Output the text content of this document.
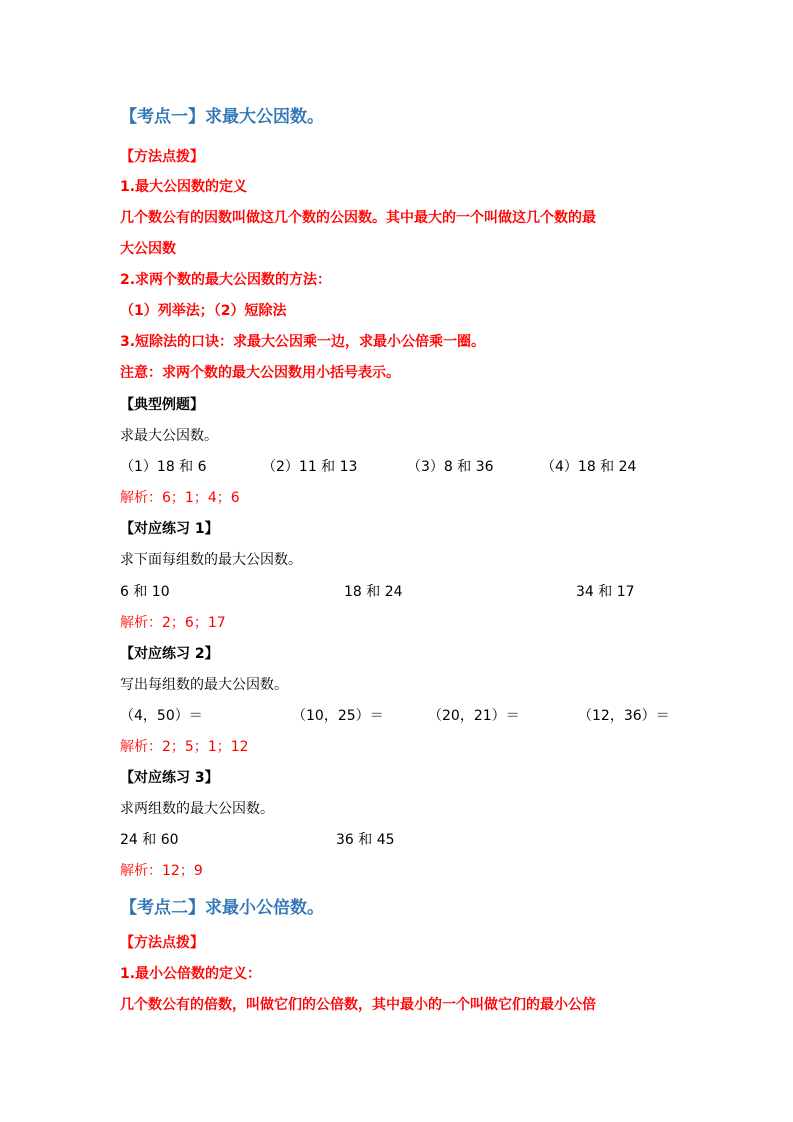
【考点一】求最大公因数。
【方法点拨】
1.最大公因数的定义
几个数公有的因数叫做这几个数的公因数。其中最大的一个叫做这几个数的最
大公因数
2.求两个数的最大公因数的方法：
（1）列举法；（2）短除法
3.短除法的口诀：求最大公因乘一边，求最小公倍乘一圈。
注意：求两个数的最大公因数用小括号表示。
【典型例题】
求最大公因数。
（1）18 和 6	（2）11 和 13	（3）8 和 36	（4）18 和 24
解析：6；1；4；6
【对应练习 1】
求下面每组数的最大公因数。
6 和 10	18 和 24	34 和 17
解析：2；6；17
【对应练习 2】
写出每组数的最大公因数。
（4，50）＝	（10，25）＝	（20，21）＝	（12，36）＝
解析：2；5；1；12
【对应练习 3】
求两组数的最大公因数。
24 和 60	36 和 45
解析：12；9
【考点二】求最小公倍数。
【方法点拨】
1.最小公倍数的定义：
几个数公有的倍数，叫做它们的公倍数，其中最小的一个叫做它们的最小公倍
